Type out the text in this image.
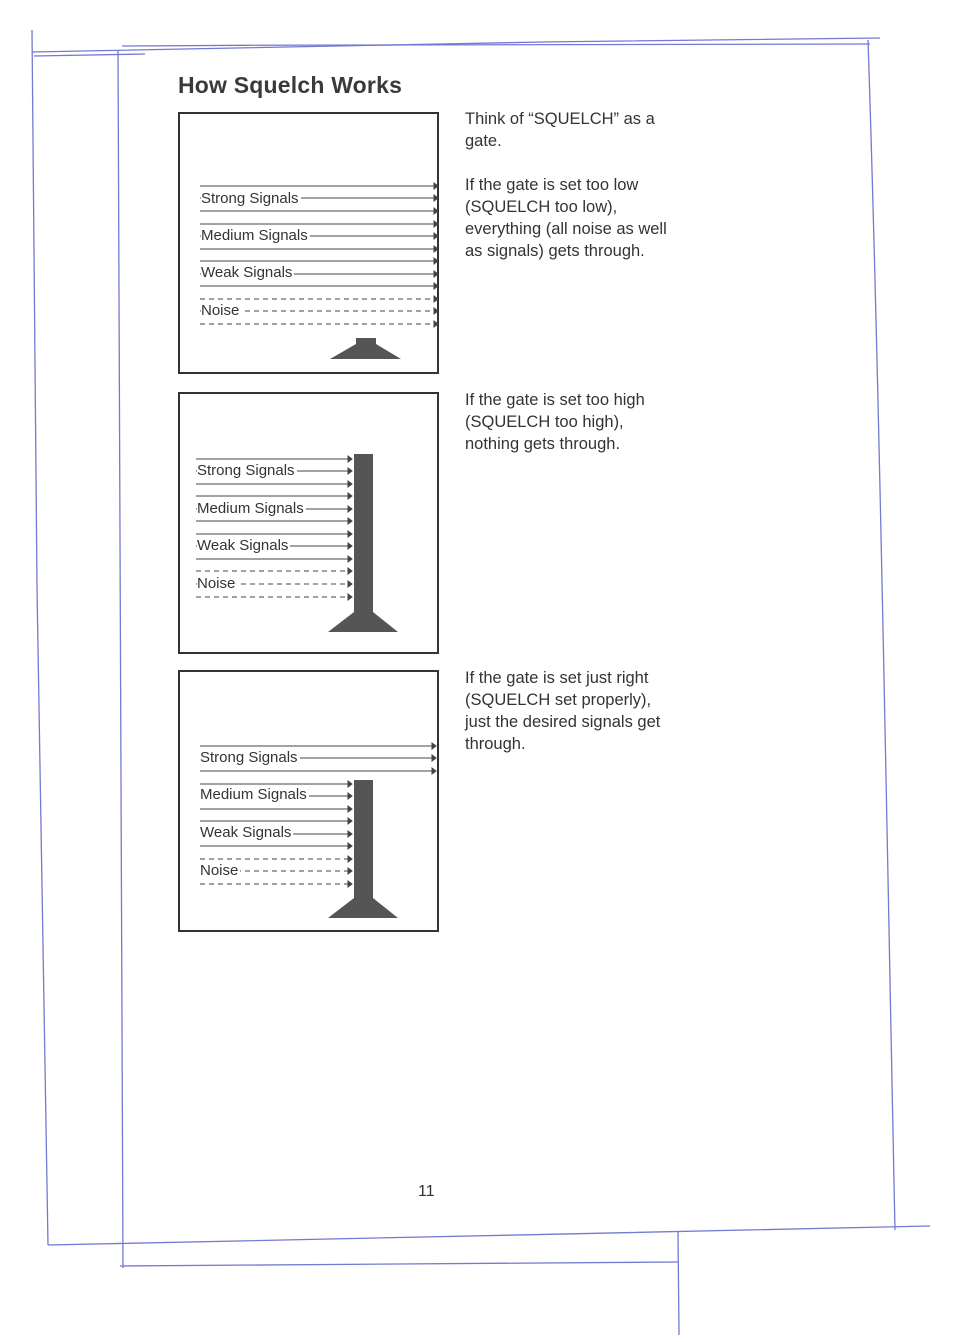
How Squelch Works
Strong Signals
Medium Signals
Weak Signals
Noise
Strong Signals
Medium Signals
Weak Signals
Noise
Strong Signals
Medium Signals
Weak Signals
Noise

Think of “SQUELCH” as a gate.

If the gate is set too low (SQUELCH too low), everything (all noise as well as signals) gets through.

If the gate is set too high (SQUELCH too high), nothing gets through.

If the gate is set just right (SQUELCH set properly), just the desired signals get through.

11
